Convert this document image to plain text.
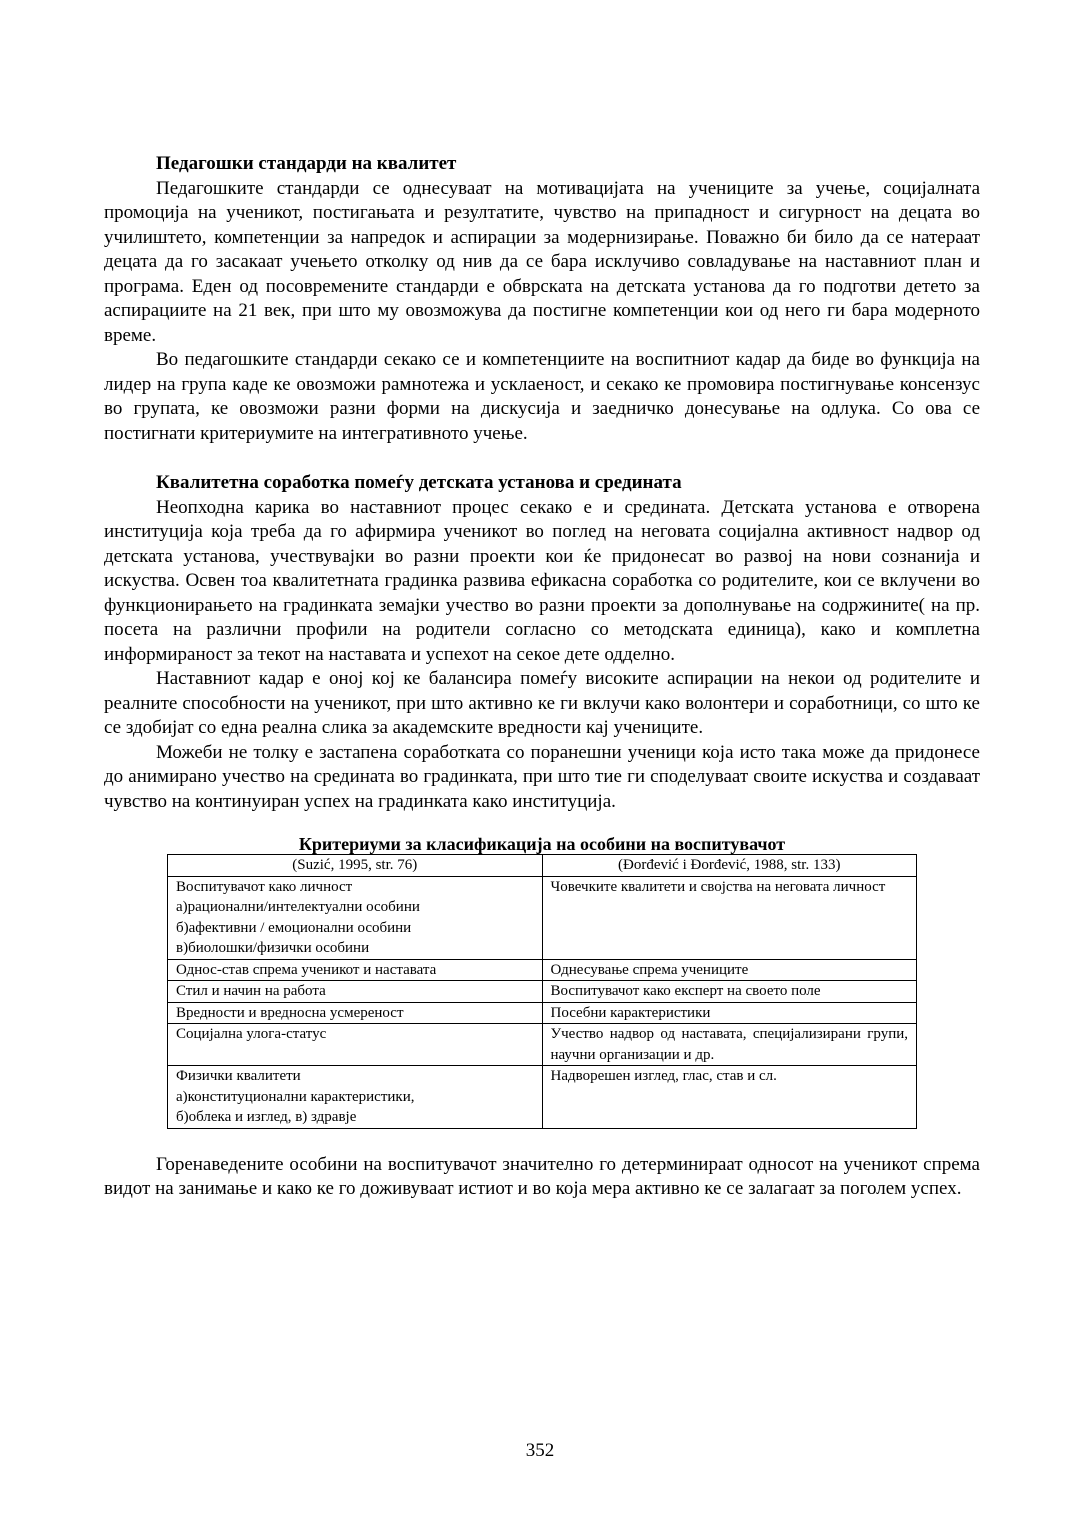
Педагошки стандарди на квалитет

Педагошките стандарди се однесуваат на мотивацијата на учениците за учење, социјалната промоција на ученикот, постигањата и резултатите, чувство на припадност и сигурност на децата во училиштето, компетенции за напредок и аспирации за модернизирање. Поважно би било да се натераат децата да го засакаат учењето отколку од нив да се бара исклучиво совладување на наставниот план и програма. Еден од посовремените стандарди е обврската на детската установа да го подготви детето за аспирациите на 21 век, при што му овозможува да постигне компетенции кои од него ги бара модерното време.

Во педагошките стандарди секако се и компетенциите на воспитниот кадар да биде во функција на лидер на група каде ке овозможи рамнотежа и усклаеност, и секако ке промовира постигнување консензус во групата, ке овозможи разни форми на дискусија и заедничко донесување на одлука. Со ова се постигнати критериумите на интегративното учење.

Квалитетна соработка помеѓу детската установа и средината

Неопходна карика во наставниот процес секако е и средината. Детската установа е отворена институција која треба да го афирмира ученикот во поглед на неговата социјална активност надвор од детската установа, учествувајки во разни проекти кои ќе придонесат во развој на нови сознанија и искуства. Освен тоа квалитетната градинка развива ефикасна соработка со родителите, кои се вклучени во функционирањето на градинката земајки учество во разни проекти за дополнување на содржините( на пр. посета на различни профили на родители согласно со методската единица), како и комплетна информираност за текот на наставата и успехот на секое дете одделно.

Наставниот кадар е оној кој ке балансира помеѓу високите аспирации на некои од родителите и реалните способности на ученикот, при што активно ке ги вклучи како волонтери и соработници, со што ке се здобијат со една реална слика за академските вредности кај учениците.

Можеби не толку е застапена соработката со поранешни ученици која исто така може да придонесе до анимирано учество на средината во градинката, при што тие ги споделуваат своите искуства и создаваат чувство на континуиран успех на градинката како институција.

Критериуми за класификација на особини на воспитувачот
(Suzić, 1995, str. 76)	(Đorđević i Đorđević, 1988, str. 133)

Воспитувачот како личност
а)рационални/интелектуални особини
б)афективни / емоционални особини
в)биолошки/физички особини	Човечките квалитети и својства на неговата личност

Однос-став спрема ученикот и наставата	Однесување спрема учениците

Стил и начин на работа	Воспитувачот како експерт на своето поле

Вредности и вредносна усмереност	Посебни карактеристики

Социјална улога-статус	Учество надвор од наставата, специјализирани групи, научни организации и др.

Физички квалитети
а)конституционални карактеристики,
б)облека и изглед, в) здравје	Надворешен изглед, глас, став и сл.

Горенаведените особини на воспитувачот значително го детерминираат односот на ученикот спрема видот на занимање и како ке го доживуваат истиот и во која мера активно ке се залагаат за поголем успех.

352
